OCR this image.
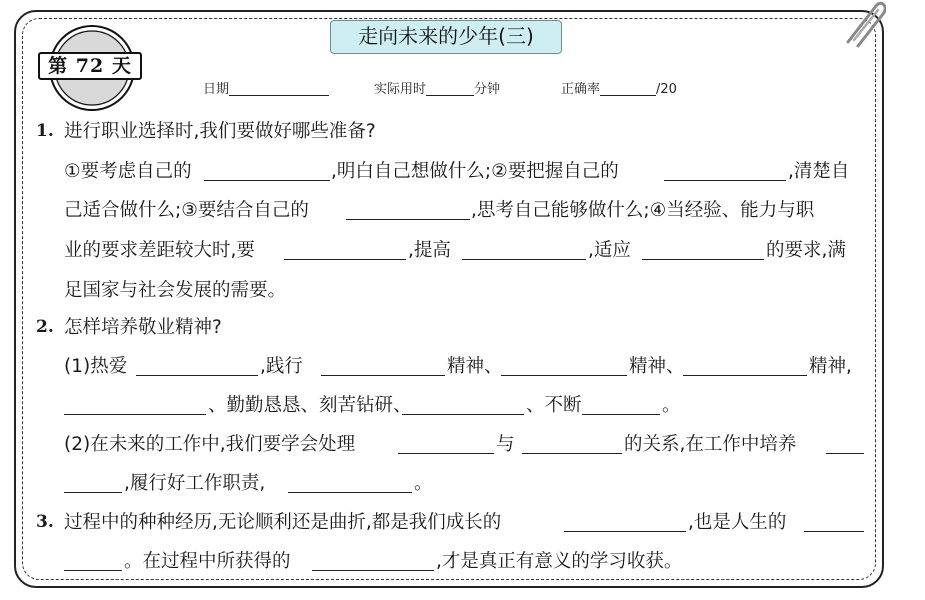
走向未来的少年(三)
第 72 天
日期	实际用时	分钟	正确率	/20
1. 进行职业选择时,我们要做好哪些准备?
①要考虑自己的	,明白自己想做什么;②要把握自己的	,清楚自
己适合做什么;③要结合自己的	,思考自己能够做什么;④当经验、能力与职
业的要求差距较大时,要	,提高	,适应	的要求,满
足国家与社会发展的需要。
2. 怎样培养敬业精神?
(1)热爱	,践行	精神、	精神、	精神,
、勤勤恳恳、刻苦钻研、	、不断	。
(2)在未来的工作中,我们要学会处理	与	的关系,在工作中培养
,履行好工作职责,	。
3. 过程中的种种经历,无论顺利还是曲折,都是我们成长的	,也是人生的
。在过程中所获得的	,才是真正有意义的学习收获。
